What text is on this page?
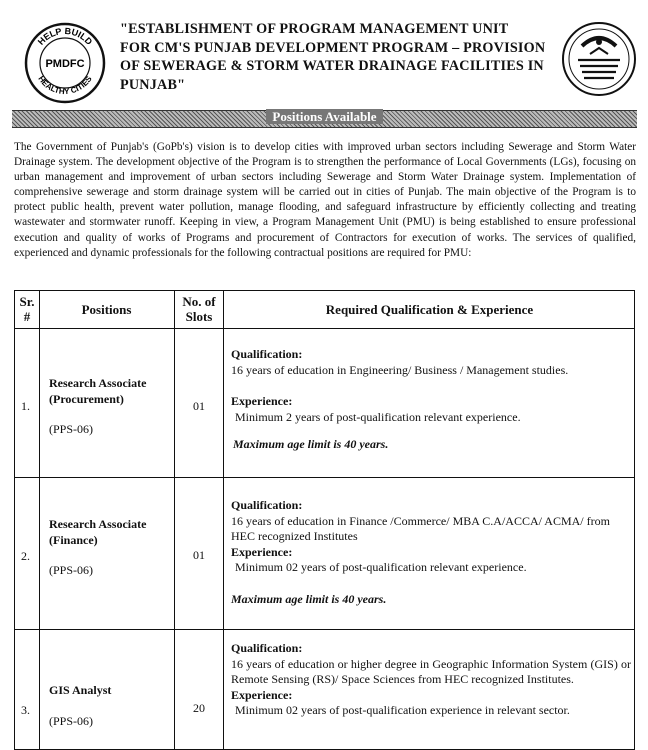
HELP BUILD
HEALTHY CITIES
PMDFC
"ESTABLISHMENT OF PROGRAM MANAGEMENT UNIT
FOR CM'S PUNJAB DEVELOPMENT PROGRAM – PROVISION
OF SEWERAGE & STORM WATER DRAINAGE FACILITIES IN
PUNJAB"
Positions Available
The Government of Punjab's (GoPb's) vision is to develop cities with improved urban sectors including Sewerage and Storm Water Drainage system. The development objective of the Program is to strengthen the performance of Local Governments (LGs), focusing on urban management and improvement of urban sectors including Sewerage and Storm Water Drainage system. Implementation of comprehensive sewerage and storm drainage system will be carried out in cities of Punjab. The main objective of the Program is to protect public health, prevent water pollution, manage flooding, and safeguard infrastructure by efficiently collecting and treating wastewater and stormwater runoff. Keeping in view, a Program Management Unit (PMU) is being established to ensure professional execution and quality of works of Programs and procurement of Contractors for execution of works. The services of qualified, experienced and dynamic professionals for the following contractual positions are required for PMU:
Sr. #	Positions
No. of Slots	Required Qualification & Experience
1.
Research Associate
(Procurement)
(PPS-06)
01
Qualification:
16 years of education in Engineering/ Business / Management studies.
Experience:
Minimum 2 years of post-qualification relevant experience.
Maximum age limit is 40 years.
2.
Research Associate
(Finance)
(PPS-06)
01
Qualification:
16 years of education in Finance /Commerce/ MBA C.A/ACCA/ ACMA/ from HEC recognized Institutes
Experience:
Minimum 02 years of post-qualification relevant experience.
Maximum age limit is 40 years.
3.
GIS Analyst
(PPS-06)
20
Qualification:
16 years of education or higher degree in Geographic Information System (GIS) or Remote Sensing (RS)/ Space Sciences from HEC recognized Institutes.
Experience:
Minimum 02 years of post-qualification experience in relevant sector.
